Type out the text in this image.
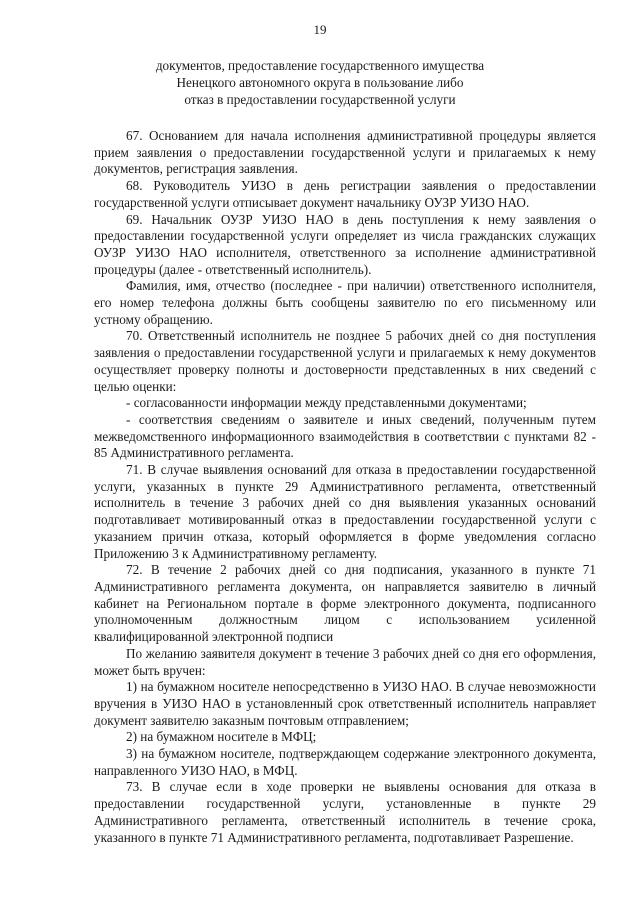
19
документов, предоставление государственного имущества
Ненецкого автономного округа в пользование либо
отказ в предоставлении государственной услуги

67. Основанием для начала исполнения административной процедуры является прием заявления о предоставлении государственной услуги и прилагаемых к нему документов, регистрация заявления.

68. Руководитель УИЗО в день регистрации заявления о предоставлении государственной услуги отписывает документ начальнику ОУЗР УИЗО НАО.

69. Начальник ОУЗР УИЗО НАО в день поступления к нему заявления о предоставлении государственной услуги определяет из числа гражданских служащих ОУЗР УИЗО НАО исполнителя, ответственного за исполнение административной процедуры (далее - ответственный исполнитель).

Фамилия, имя, отчество (последнее - при наличии) ответственного исполнителя, его номер телефона должны быть сообщены заявителю по его письменному или устному обращению.

70. Ответственный исполнитель не позднее 5 рабочих дней со дня поступления заявления о предоставлении государственной услуги и прилагаемых к нему документов осуществляет проверку полноты и достоверности представленных в них сведений с целью оценки:

- согласованности информации между представленными документами;

- соответствия сведениям о заявителе и иных сведений, полученным путем межведомственного информационного взаимодействия в соответствии с пунктами 82 - 85 Административного регламента.

71. В случае выявления оснований для отказа в предоставлении государственной услуги, указанных в пункте 29 Административного регламента, ответственный исполнитель в течение 3 рабочих дней со дня выявления указанных оснований подготавливает мотивированный отказ в предоставлении государственной услуги с указанием причин отказа, который оформляется в форме уведомления согласно Приложению 3 к Административному регламенту.

72. В течение 2 рабочих дней со дня подписания, указанного в пункте 71 Административного регламента документа, он направляется заявителю в личный кабинет на Региональном портале в форме электронного документа, подписанного уполномоченным должностным лицом с использованием усиленной квалифицированной электронной подписи

По желанию заявителя документ в течение 3 рабочих дней со дня его оформления, может быть вручен:

1) на бумажном носителе непосредственно в УИЗО НАО. В случае невозможности вручения в УИЗО НАО в установленный срок ответственный исполнитель направляет документ заявителю заказным почтовым отправлением;

2) на бумажном носителе в МФЦ;

3) на бумажном носителе, подтверждающем содержание электронного документа, направленного УИЗО НАО, в МФЦ.

73. В случае если в ходе проверки не выявлены основания для отказа в предоставлении государственной услуги, установленные в пункте 29 Административного регламента, ответственный исполнитель в течение срока, указанного в пункте 71 Административного регламента, подготавливает Разрешение.
